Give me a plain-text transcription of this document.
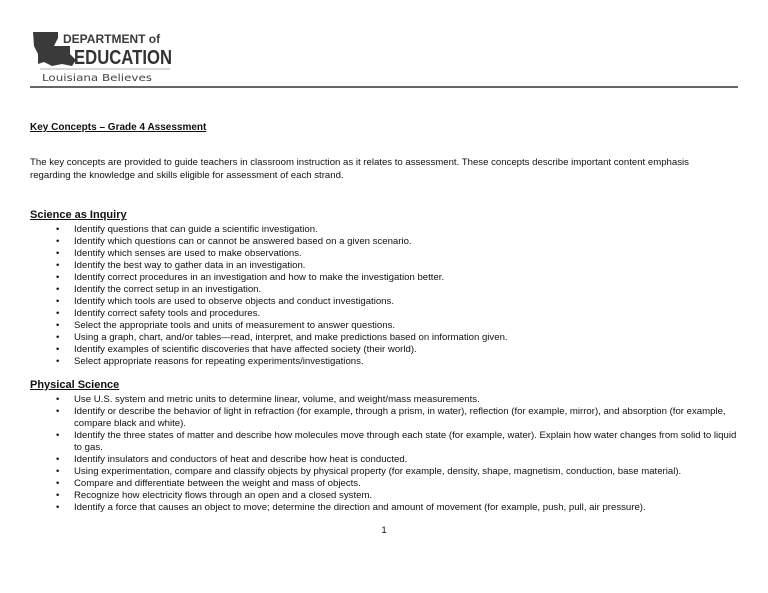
DEPARTMENT of
EDUCATION
Louisiana Believes
Key Concepts – Grade 4 Assessment
The key concepts are provided to guide teachers in classroom instruction as it relates to assessment. These concepts describe important content emphasis
regarding the knowledge and skills eligible for assessment of each strand.
Science as Inquiry
• Identify questions that can guide a scientific investigation.
• Identify which questions can or cannot be answered based on a given scenario.
• Identify which senses are used to make observations.
• Identify the best way to gather data in an investigation.
• Identify correct procedures in an investigation and how to make the investigation better.
• Identify the correct setup in an investigation.
• Identify which tools are used to observe objects and conduct investigations.
• Identify correct safety tools and procedures.
• Select the appropriate tools and units of measurement to answer questions.
• Using a graph, chart, and/or tables—read, interpret, and make predictions based on information given.
• Identify examples of scientific discoveries that have affected society (their world).
• Select appropriate reasons for repeating experiments/investigations.
Physical Science
• Use U.S. system and metric units to determine linear, volume, and weight/mass measurements.
• Identify or describe the behavior of light in refraction (for example, through a prism, in water), reflection (for example, mirror), and absorption (for example, compare black and white).
• Identify the three states of matter and describe how molecules move through each state (for example, water). Explain how water changes from solid to liquid to gas.
• Identify insulators and conductors of heat and describe how heat is conducted.
• Using experimentation, compare and classify objects by physical property (for example, density, shape, magnetism, conduction, base material).
• Compare and differentiate between the weight and mass of objects.
• Recognize how electricity flows through an open and a closed system.
• Identify a force that causes an object to move; determine the direction and amount of movement (for example, push, pull, air pressure).
1
